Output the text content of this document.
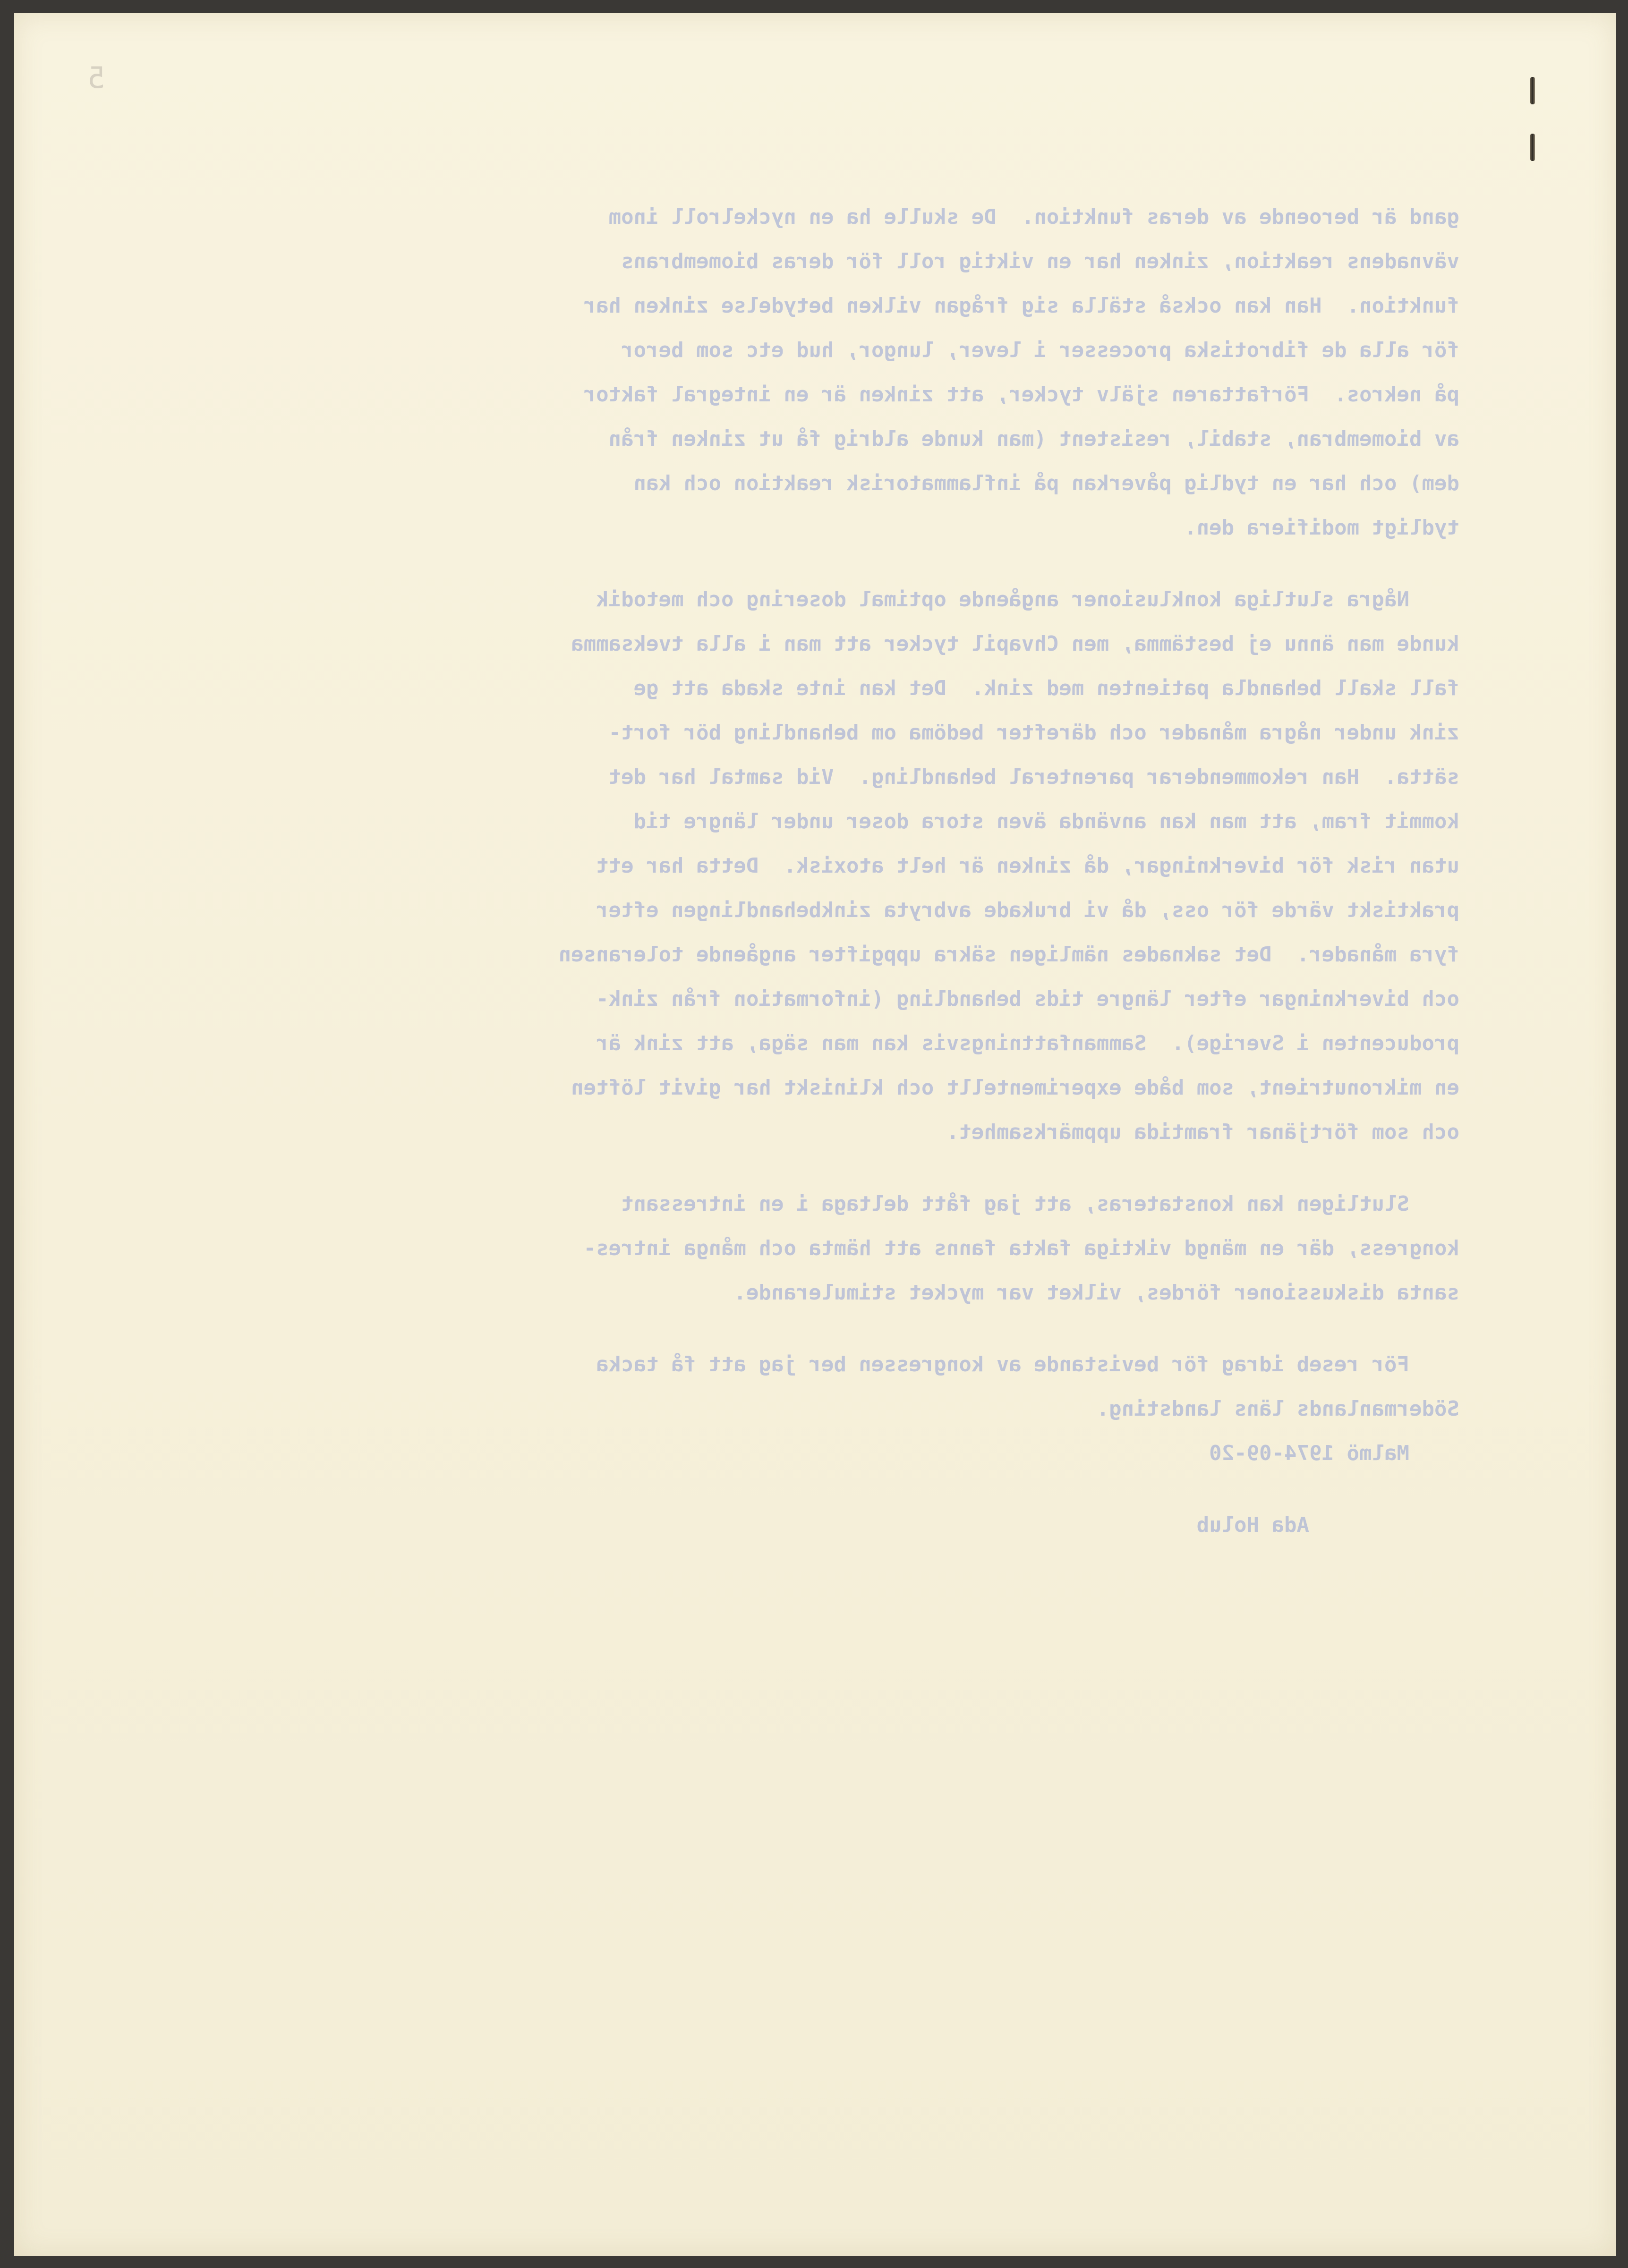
5
gand är beroende av deras funktion.  De skulle ha en nyckelroll inom
vävnadens reaktion, zinken har en viktig roll för deras biomembrans
funktion.  Han kan också ställa sig frågan vilken betydelse zinken har
för alla de fibrotiska processer i lever, lungor, hud etc som beror
på nekros.  Författaren själv tycker, att zinken är en integral faktor
av biomembran, stabil, resistent (man kunde aldrig få ut zinken från
dem) och har en tydlig påverkan på inflammatorisk reaktion och kan
tydligt modifiera den.
Några slutliga konklusioner angående optimal dosering och metodik
kunde man ännu ej bestämma, men Chvapil tycker att man i alla tveksamma
fall skall behandla patienten med zink.  Det kan inte skada att ge
zink under några månader och därefter bedöma om behandling bör fort-
sätta.  Han rekommenderar parenteral behandling.  Vid samtal har det
kommit fram, att man kan använda även stora doser under längre tid
utan risk för biverkningar, då zinken är helt atoxisk.  Detta har ett
praktiskt värde för oss, då vi brukade avbryta zinkbehandlingen efter
fyra månader.  Det saknades nämligen säkra uppgifter angående toleransen
och biverkningar efter längre tids behandling (information från zink-
producenten i Sverige).  Sammanfattningsvis kan man säga, att zink är
en mikronutrient, som både experimentellt och kliniskt har givit löften
och som förtjänar framtida uppmärksamhet.
Slutligen kan konstateras, att jag fått deltaga i en intressant
kongress, där en mängd viktiga fakta fanns att hämta och många intres-
santa diskussioner fördes, vilket var mycket stimulerande.
För reseb idrag för bevistande av kongressen ber jag att få tacka
Södermanlands läns landsting.
Malmö 1974-09-20
Ada Holub
